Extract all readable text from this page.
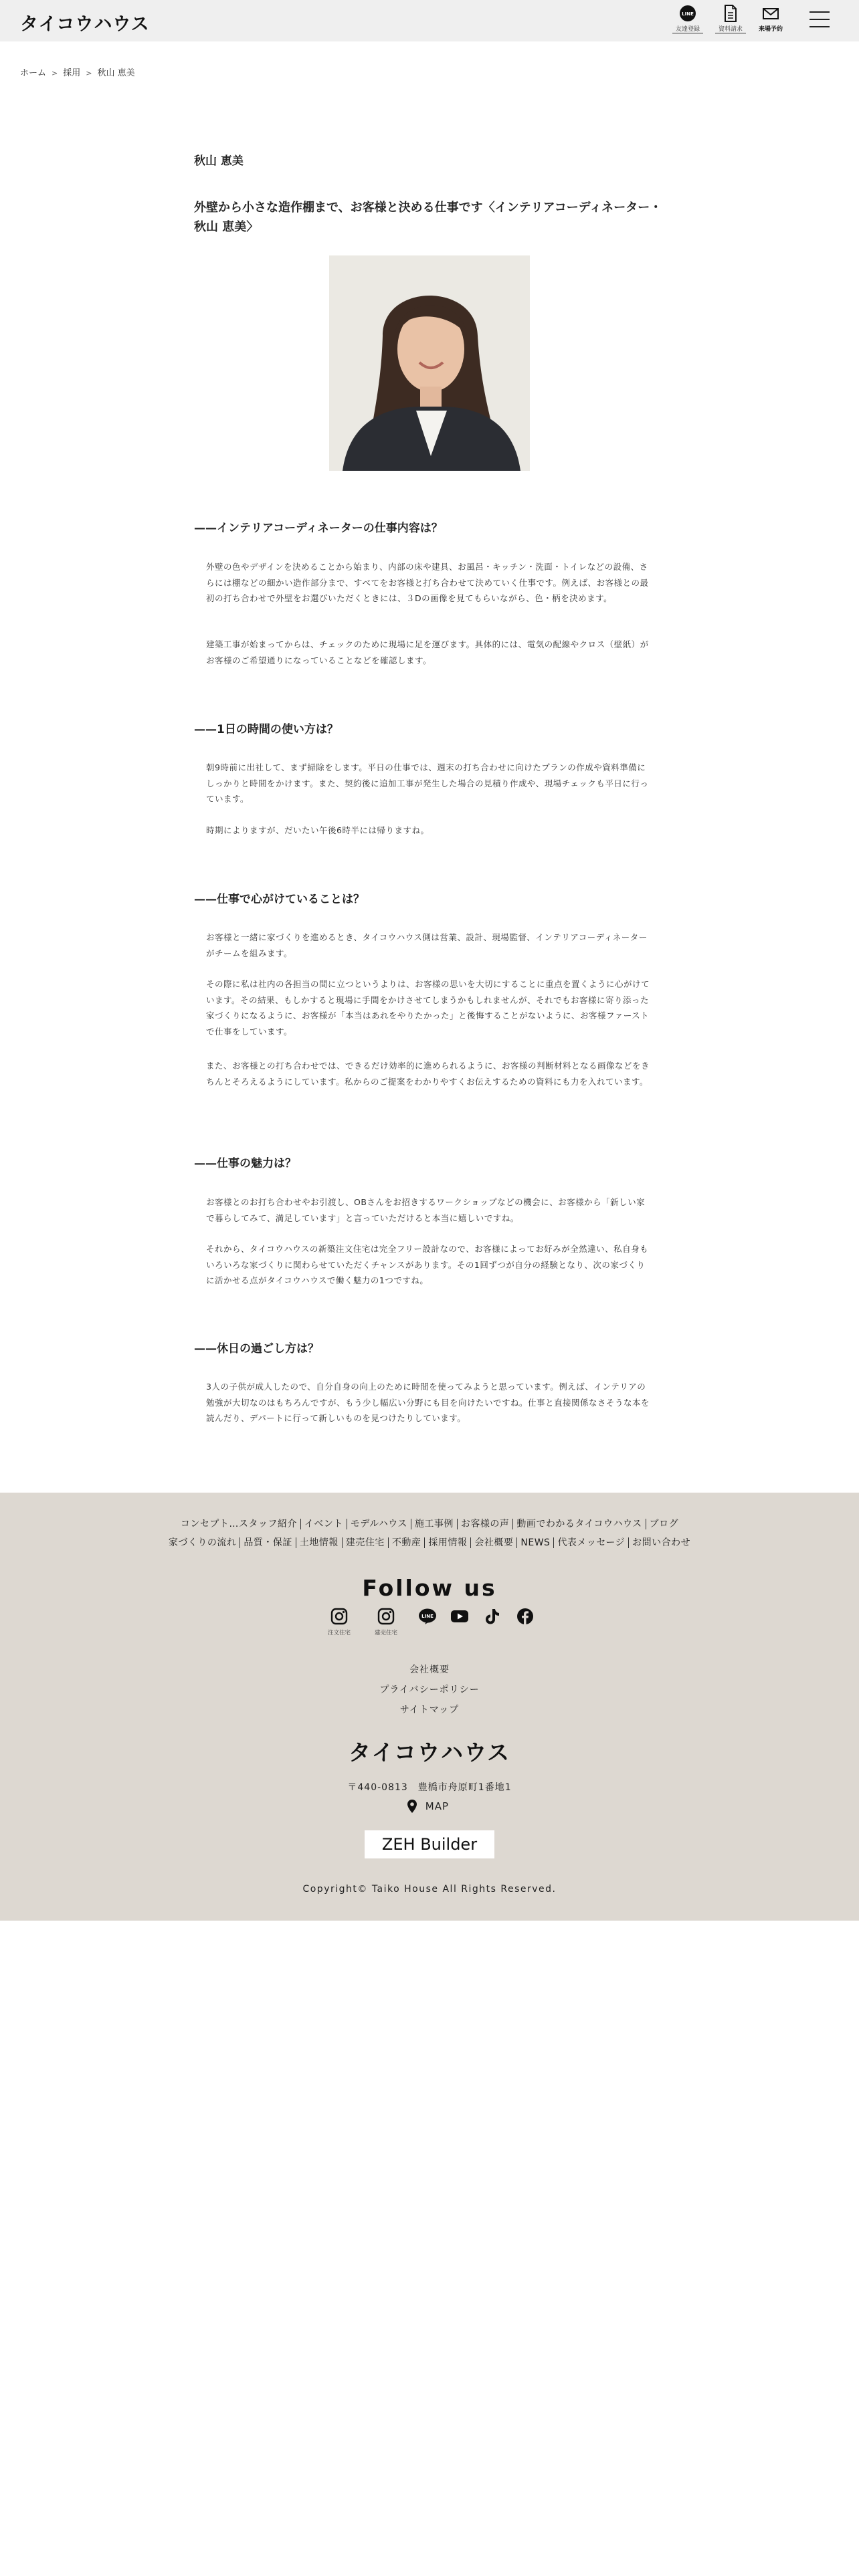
タイコウハウス	LINE
友達登録	資料請求	来場予約
ホーム > 採用 > 秋山 恵美
秋山 恵美
外壁から小さな造作棚まで、お客様と決める仕事です〈インテリアコーディネーター・秋山 恵美〉
——インテリアコーディネーターの仕事内容は？
外壁の色やデザインを決めることから始まり、内部の床や建具、お風呂・キッチン・洗面・トイレなどの設備、さらには棚などの細かい造作部分まで、すべてをお客様と打ち合わせて決めていく仕事です。例えば、お客様との最初の打ち合わせで外壁をお選びいただくときには、３Dの画像を見てもらいながら、色・柄を決めます。
建築工事が始まってからは、チェックのために現場に足を運びます。具体的には、電気の配線やクロス（壁紙）がお客様のご希望通りになっていることなどを確認します。
——1日の時間の使い方は？
朝9時前に出社して、まず掃除をします。平日の仕事では、週末の打ち合わせに向けたプランの作成や資料準備にしっかりと時間をかけます。また、契約後に追加工事が発生した場合の見積り作成や、現場チェックも平日に行っています。
時期によりますが、だいたい午後6時半には帰りますね。
——仕事で心がけていることは？
お客様と一緒に家づくりを進めるとき、タイコウハウス側は営業、設計、現場監督、インテリアコーディネーターがチームを組みます。
その際に私は社内の各担当の間に立つというよりは、お客様の思いを大切にすることに重点を置くように心がけています。その結果、もしかすると現場に手間をかけさせてしまうかもしれませんが、それでもお客様に寄り添った家づくりになるように、お客様が「本当はあれをやりたかった」と後悔することがないように、お客様ファーストで仕事をしています。
また、お客様との打ち合わせでは、できるだけ効率的に進められるように、お客様の判断材料となる画像などをきちんとそろえるようにしています。私からのご提案をわかりやすくお伝えするための資料にも力を入れています。
——仕事の魅力は？
お客様とのお打ち合わせやお引渡し、OBさんをお招きするワークショップなどの機会に、お客様から「新しい家で暮らしてみて、満足しています」と言っていただけると本当に嬉しいですね。
それから、タイコウハウスの新築注文住宅は完全フリー設計なので、お客様によってお好みが全然違い、私自身もいろいろな家づくりに関わらせていただくチャンスがあります。その1回ずつが自分の経験となり、次の家づくりに活かせる点がタイコウハウスで働く魅力の1つですね。
——休日の過ごし方は？
3人の子供が成人したので、自分自身の向上のために時間を使ってみようと思っています。例えば、インテリアの勉強が大切なのはもちろんですが、もう少し幅広い分野にも目を向けたいですね。仕事と直接関係なさそうな本を読んだり、デパートに行って新しいものを見つけたりしています。
コンセプト…スタッフ紹介 イベント モデルハウス 施工事例 お客様の声 動画でわかるタイコウハウス ブログ
家づくりの流れ 品質・保証 土地情報 建売住宅 不動産 採用情報 会社概要 NEWS 代表メッセージ お問い合わせ
Follow us
注文住宅	建売住宅
LINE
会社概要
プライバシーポリシー
サイトマップ
タイコウハウス
〒440-0813　豊橋市舟原町1番地1
MAP
ZEH Builder
Copyright© Taiko House All Rights Reserved.
